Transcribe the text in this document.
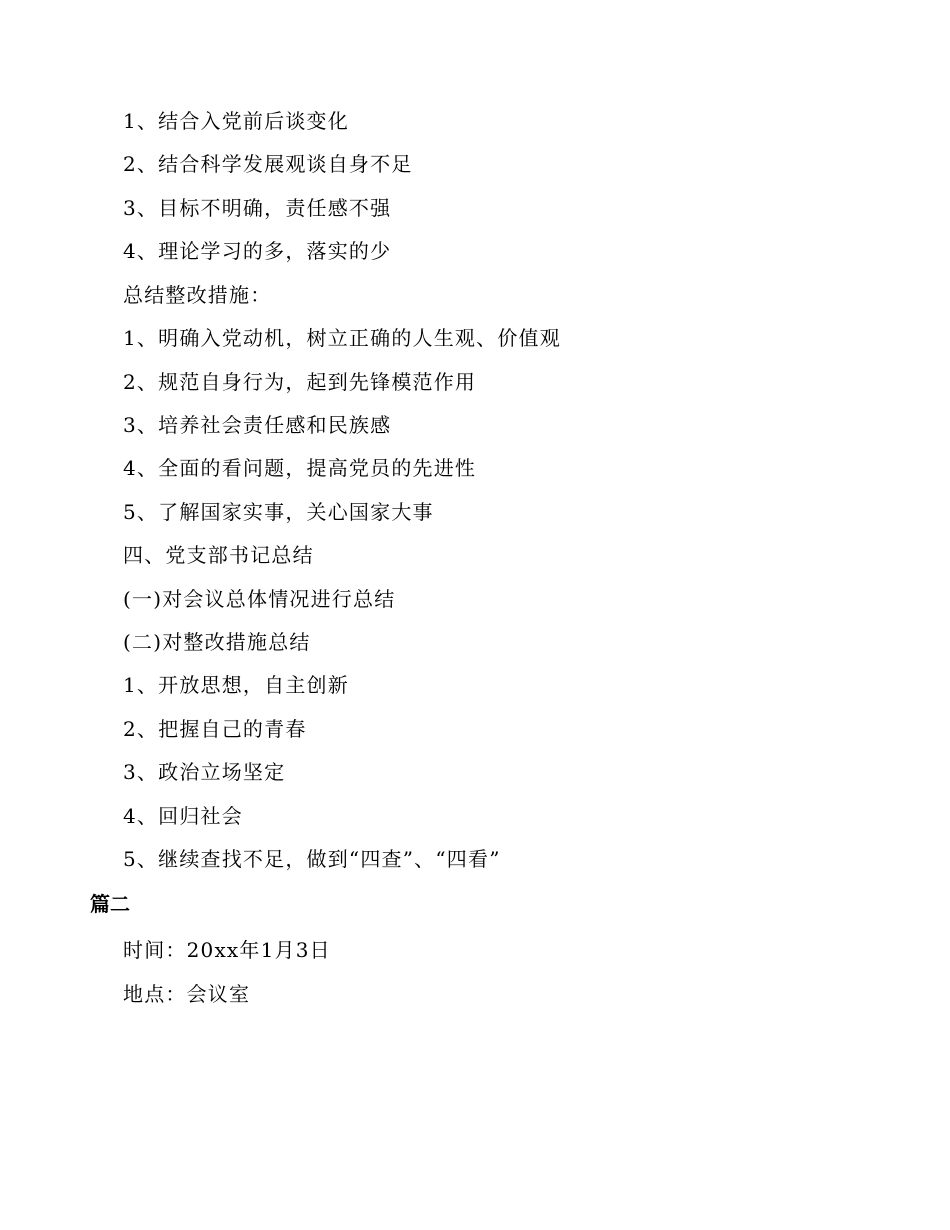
1、结合入党前后谈变化
2、结合科学发展观谈自身不足
3、目标不明确，责任感不强
4、理论学习的多，落实的少
总结整改措施：
1、明确入党动机，树立正确的人生观、价值观
2、规范自身行为，起到先锋模范作用
3、培养社会责任感和民族感
4、全面的看问题，提高党员的先进性
5、了解国家实事，关心国家大事
四、党支部书记总结
(一)对会议总体情况进行总结
(二)对整改措施总结
1、开放思想，自主创新
2、把握自己的青春
3、政治立场坚定
4、回归社会
5、继续查找不足，做到“四查”、“四看”
篇二
时间：20xx年1月3日
地点：会议室
